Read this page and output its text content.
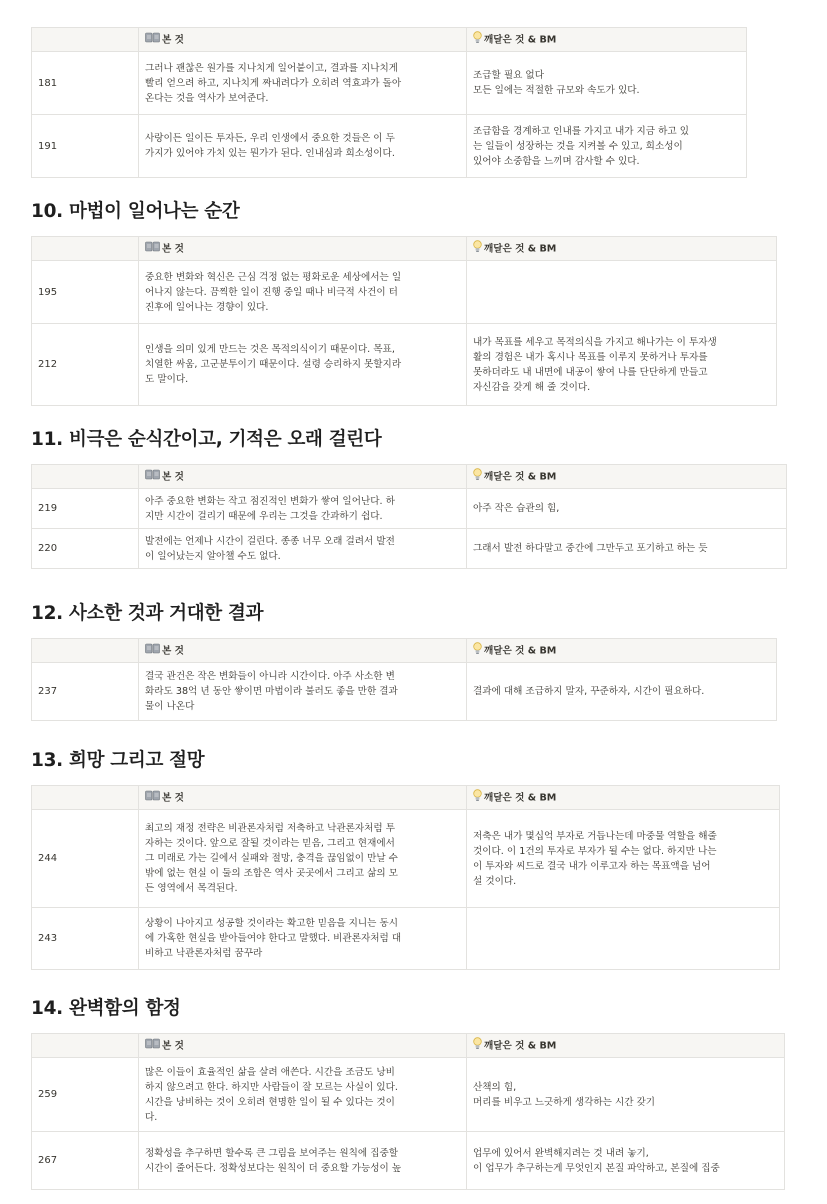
	본 것	깨달은 것 & BM
181	그러나 괜찮은 원가를 지나치게 일어붙이고, 결과를 지나치게
빨리 얻으려 하고, 지나치게 짜내려다가 오히려 역효과가 돌아
온다는 것을 역사가 보여준다.	조급할 필요 없다
모든 일에는 적절한 규모와 속도가 있다.

191	사랑이든 일이든 투자든, 우리 인생에서 중요한 것들은 이 두
가지가 있어야 가치 있는 뭔가가 된다. 인내심과 희소성이다.	조급함을 경계하고 인내를 가지고 내가 지금 하고 있
는 일들이 성장하는 것을 지켜볼 수 있고, 희소성이
있어야 소중함을 느끼며 감사할 수 있다.
10. 마법이 일어나는 순간
	본 것	깨달은 것 & BM
195	중요한 변화와 혁신은 근심 걱정 없는 평화로운 세상에서는 일
어나지 않는다. 끔찍한 일이 진행 중일 때나 비극적 사건이 터
진후에 일어나는 경향이 있다.	

212	인생을 의미 있게 만드는 것은 목적의식이기 때문이다. 목표,
치열한 싸움, 고군분투이기 때문이다. 설령 승리하지 못할지라
도 말이다.	내가 목표를 세우고 목적의식을 가지고 해나가는 이 투자생
활의 경험은 내가 혹시나 목표를 이루지 못하거나 투자를
못하더라도 내 내면에 내공이 쌓여 나를 단단하게 만들고
자신감을 갖게 해 줄 것이다.
11. 비극은 순식간이고, 기적은 오래 걸린다
	본 것	깨달은 것 & BM
219	아주 중요한 변화는 작고 점진적인 변화가 쌓여 일어난다. 하
지만 시간이 걸리기 때문에 우리는 그것을 간과하기 쉽다.	아주 작은 습관의 힘,

220	발전에는 언제나 시간이 걸린다. 종종 너무 오래 걸려서 발전
이 일어났는지 알아챌 수도 없다.	그래서 발전 하다말고 중간에 그만두고 포기하고 하는 듯
12. 사소한 것과 거대한 결과
	본 것	깨달은 것 & BM
237	결국 관건은 작은 변화들이 아니라 시간이다. 아주 사소한 변
화라도 38억 년 동안 쌓이면 마법이라 불러도 좋을 만한 결과
물이 나온다	결과에 대해 조급하지 말자, 꾸준하자, 시간이 필요하다.
13. 희망 그리고 절망
	본 것	깨달은 것 & BM
244	최고의 재정 전략은 비관론자처럼 저축하고 낙관론자처럼 투
자하는 것이다. 앞으로 잘될 것이라는 믿음, 그리고 현재에서
그 미래로 가는 길에서 실패와 절망, 충격을 끊임없이 만날 수
밖에 없는 현실 이 둘의 조합은 역사 곳곳에서 그리고 삶의 모
든 영역에서 목격된다.	저축은 내가 몇십억 부자로 거듭나는데 마중물 역할을 해줄
것이다. 이 1건의 투자로 부자가 될 수는 없다. 하지만 나는
이 투자와 씨드로 결국 내가 이루고자 하는 목표액을 넘어
설 것이다.

243	상황이 나아지고 성공할 것이라는 확고한 믿음을 지니는 동시
에 가혹한 현실을 받아들여야 한다고 말했다. 비관론자처럼 대
비하고 낙관론자처럼 꿈꾸라	

14. 완벽함의 함정
	본 것	깨달은 것 & BM
259	많은 이들이 효율적인 삶을 살려 애쓴다. 시간을 조금도 낭비
하지 않으려고 한다. 하지만 사람들이 잘 모르는 사실이 있다.
시간을 낭비하는 것이 오히려 현명한 일이 될 수 있다는 것이
다.	산책의 힘,
머리를 비우고 느긋하게 생각하는 시간 갖기

267	정확성을 추구하면 할수록 큰 그림을 보여주는 원칙에 집중할
시간이 줄어든다. 정확성보다는 원칙이 더 중요할 가능성이 높	업무에 있어서 완벽해지려는 것 내려 놓기,
이 업무가 추구하는게 무엇인지 본질 파악하고, 본질에 집중
